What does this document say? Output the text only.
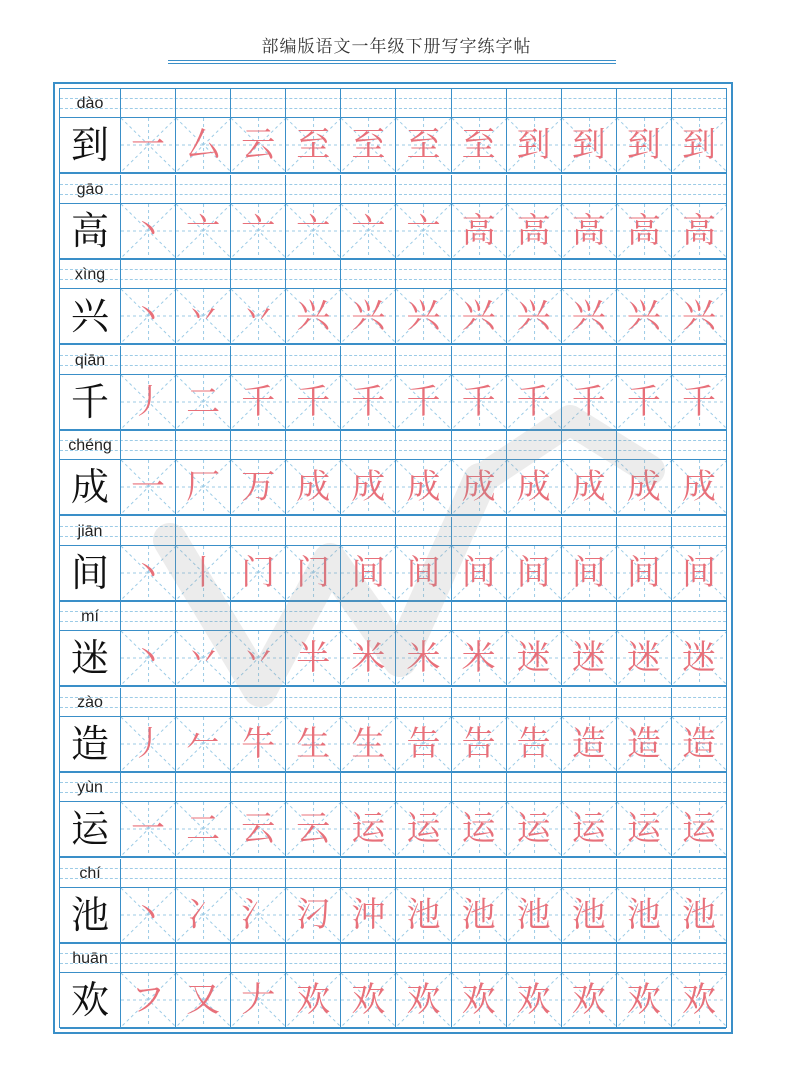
部编版语文一年级下册写字练字帖
dào
到 一 厶 云 至 至 至 至 到 到 到 到
gāo
高 丶 亠 亠 亠 亠 亠 高 高 高 高 高
xìng
兴 丶 丷 丷 兴 兴 兴 兴 兴 兴 兴 兴
qiān
千 丿 二 千 千 千 千 千 千 千 千 千
chéng
成 一 厂 万 成 成 成 成 成 成 成 成
jiān
间 丶 丨 门 门 间 间 间 间 间 间 间
mí
迷 丶 丷 丷 半 米 米 米 迷 迷 迷 迷
zào
造 丿 𠂉 牛 生 生 告 告 告 造 造 造
yùn
运 一 二 云 云 运 运 运 运 运 运 运
chí
池 丶 冫 氵 汈 沖 池 池 池 池 池 池
huān
欢 フ 又 𠂇 欢 欢 欢 欢 欢 欢 欢 欢
